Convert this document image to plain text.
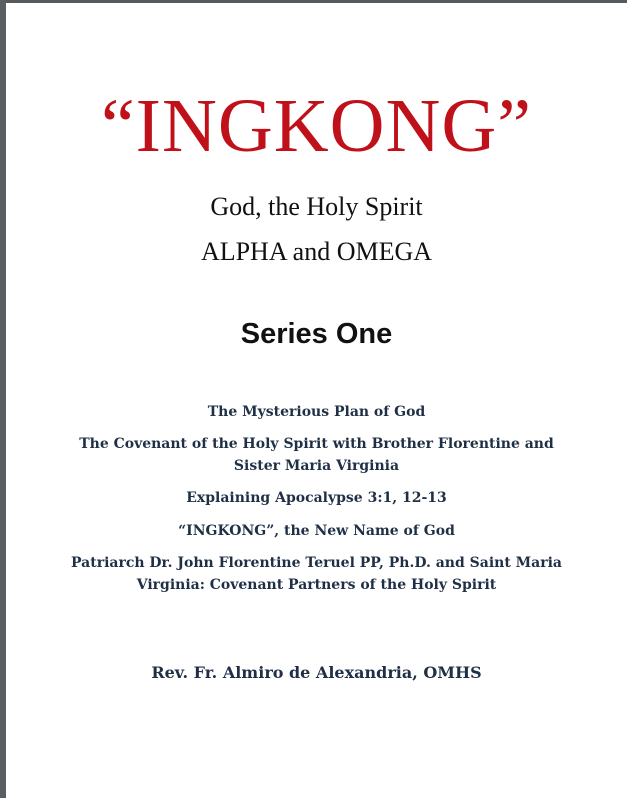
“INGKONG”
God, the Holy Spirit
ALPHA and OMEGA
Series One
The Mysterious Plan of God
The Covenant of the Holy Spirit with Brother Florentine and
Sister Maria Virginia
Explaining Apocalypse 3:1, 12-13
“INGKONG”, the New Name of God
Patriarch Dr. John Florentine Teruel PP, Ph.D. and Saint Maria
Virginia: Covenant Partners of the Holy Spirit
Rev. Fr. Almiro de Alexandria, OMHS
